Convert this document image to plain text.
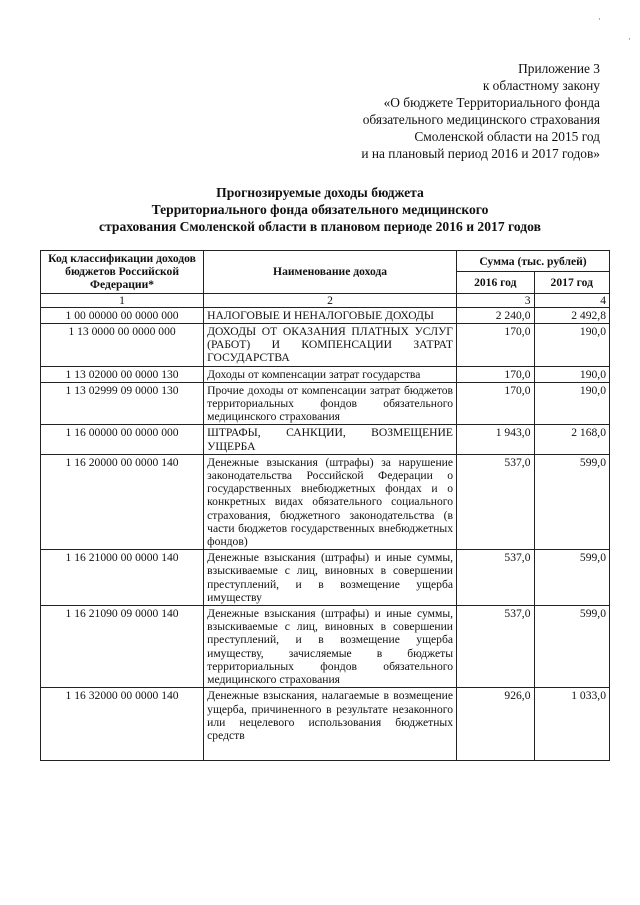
Приложение 3
к областному закону
«О бюджете Территориального фонда
обязательного медицинского страхования
Смоленской области на 2015 год
и на плановый период 2016 и 2017 годов»
Прогнозируемые доходы бюджета
Территориального фонда обязательного медицинского
страхования Смоленской области в плановом периоде 2016 и 2017 годов
Код классификации доходов бюджетов Российской Федерации*	Наименование дохода	Сумма (тыс. рублей)	
		2016 год	2017 год
1	2	3	4
1 00 00000 00 0000 000	НАЛОГОВЫЕ И НЕНАЛОГОВЫЕ ДОХОДЫ	2 240,0	2 492,8
1 13 0000 00 0000 000	ДОХОДЫ ОТ ОКАЗАНИЯ ПЛАТНЫХ УСЛУГ (РАБОТ) И КОМПЕНСАЦИИ ЗАТРАТ ГОСУДАРСТВА	170,0	190,0
1 13 02000 00 0000 130	Доходы от компенсации затрат государства	170,0	190,0
1 13 02999 09 0000 130	Прочие доходы от компенсации затрат бюджетов территориальных фондов обязательного медицинского страхования	170,0	190,0
1 16 00000 00 0000 000	ШТРАФЫ, САНКЦИИ, ВОЗМЕЩЕНИЕ УЩЕРБА	1 943,0	2 168,0
1 16 20000 00 0000 140	Денежные взыскания (штрафы) за нарушение законодательства Российской Федерации о государственных внебюджетных фондах и о конкретных видах обязательного социального страхования, бюджетного законодательства (в части бюджетов государственных внебюджетных фондов)	537,0	599,0
1 16 21000 00 0000 140	Денежные взыскания (штрафы) и иные суммы, взыскиваемые с лиц, виновных в совершении преступлений, и в возмещение ущерба имуществу	537,0	599,0
1 16 21090 09 0000 140	Денежные взыскания (штрафы) и иные суммы, взыскиваемые с лиц, виновных в совершении преступлений, и в возмещение ущерба имуществу, зачисляемые в бюджеты территориальных фондов обязательного медицинского страхования	537,0	599,0
1 16 32000 00 0000 140	Денежные взыскания, налагаемые в возмещение ущерба, причиненного в результате незаконного или нецелевого использования бюджетных средств	926,0	1 033,0
·
·
